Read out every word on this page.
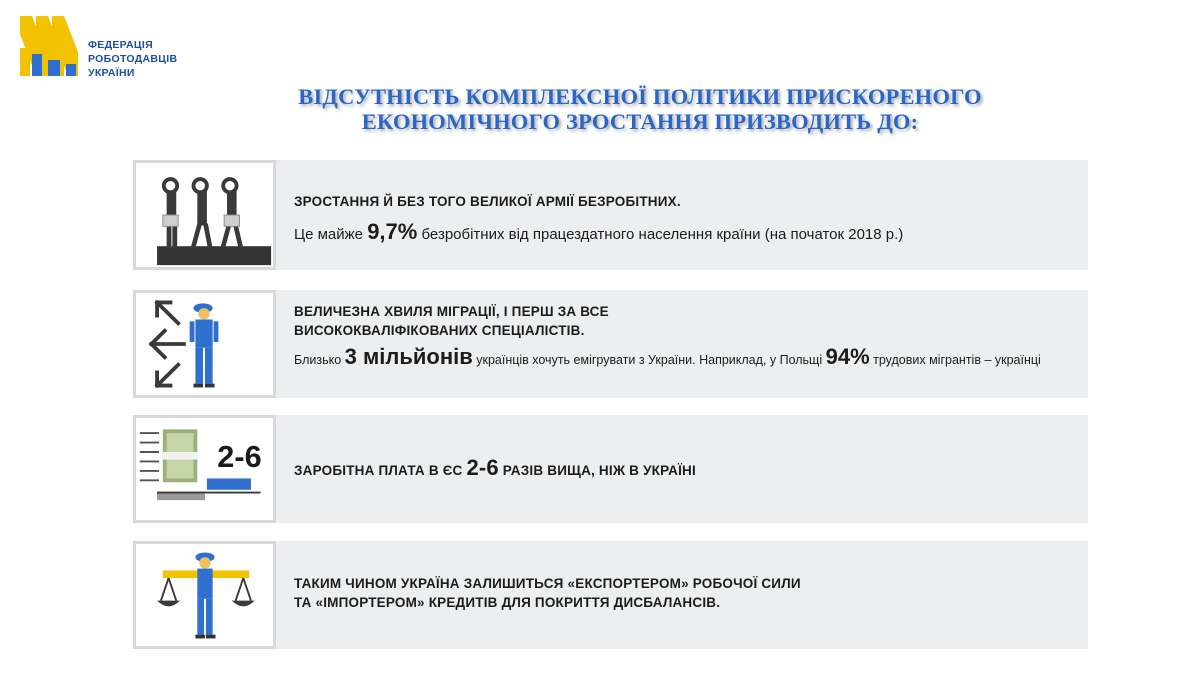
ФЕДЕРАЦІЯ
РОБОТОДАВЦІВ
УКРАЇНИ
ВІДСУТНІСТЬ КОМПЛЕКСНОЇ ПОЛІТИКИ ПРИСКОРЕНОГО
ЕКОНОМІЧНОГО ЗРОСТАННЯ ПРИЗВОДИТЬ ДО:
ЗРОСТАННЯ Й БЕЗ ТОГО ВЕЛИКОЇ АРМІЇ БЕЗРОБІТНИХ.
Це майже 9,7% безробітних від працездатного населення країни (на початок 2018 р.)
ВЕЛИЧЕЗНА ХВИЛЯ МІГРАЦІЇ, І ПЕРШ ЗА ВСЕ
ВИСОКОКВАЛІФІКОВАНИХ СПЕЦІАЛІСТІВ.
Близько 3 мільйонів українців хочуть емігрувати з України. Наприклад, у Польщі 94% трудових мігрантів – українці
2-6 ЗАРОБІТНА ПЛАТА В ЄС 2-6 РАЗІВ ВИЩА, НІЖ В УКРАЇНІ
ТАКИМ ЧИНОМ УКРАЇНА ЗАЛИШИТЬСЯ «ЕКСПОРТЕРОМ» РОБОЧОЇ СИЛИ
ТА «ІМПОРТЕРОМ» КРЕДИТІВ ДЛЯ ПОКРИТТЯ ДИСБАЛАНСІВ.
